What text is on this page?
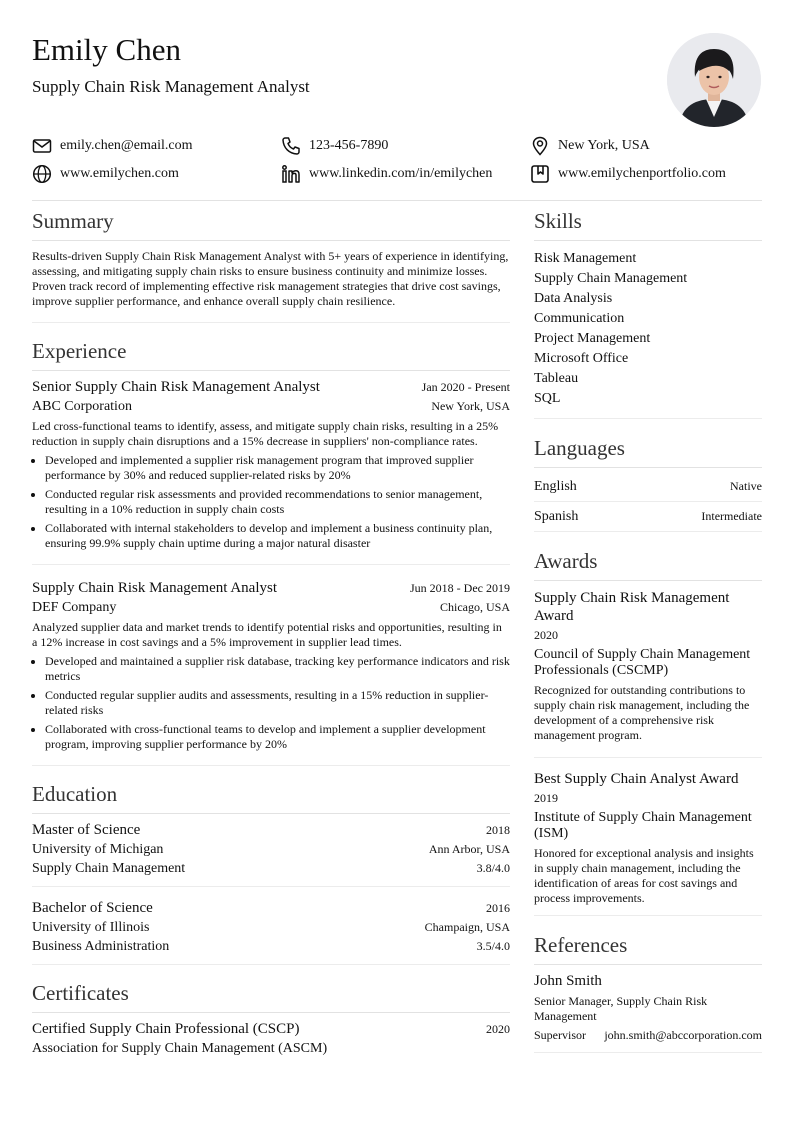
Emily Chen
Supply Chain Risk Management Analyst
emily.chen@email.com	123-456-7890	New York, USA
www.emilychen.com	www.linkedin.com/in/emilychen	www.emilychenportfolio.com
Summary
Results-driven Supply Chain Risk Management Analyst with 5+ years of experience in identifying, assessing, and mitigating supply chain risks to ensure business continuity and minimize losses. Proven track record of implementing effective risk management strategies that drive cost savings, improve supplier performance, and enhance overall supply chain resilience.
Experience
Senior Supply Chain Risk Management Analyst	Jan 2020 - Present
ABC Corporation	New York, USA
Led cross-functional teams to identify, assess, and mitigate supply chain risks, resulting in a 25% reduction in supply chain disruptions and a 15% decrease in suppliers' non-compliance rates.
• Developed and implemented a supplier risk management program that improved supplier performance by 30% and reduced supplier-related risks by 20%
• Conducted regular risk assessments and provided recommendations to senior management, resulting in a 10% reduction in supply chain costs
• Collaborated with internal stakeholders to develop and implement a business continuity plan, ensuring 99.9% supply chain uptime during a major natural disaster
Supply Chain Risk Management Analyst	Jun 2018 - Dec 2019
DEF Company	Chicago, USA
Analyzed supplier data and market trends to identify potential risks and opportunities, resulting in a 12% increase in cost savings and a 5% improvement in supplier lead times.
• Developed and maintained a supplier risk database, tracking key performance indicators and risk metrics
• Conducted regular supplier audits and assessments, resulting in a 15% reduction in supplier-related risks
• Collaborated with cross-functional teams to develop and implement a supplier development program, improving supplier performance by 20%
Education
Master of Science	2018
University of Michigan	Ann Arbor, USA
Supply Chain Management	3.8/4.0
Bachelor of Science	2016
University of Illinois	Champaign, USA
Business Administration	3.5/4.0
Certificates
Certified Supply Chain Professional (CSCP)	2020
Association for Supply Chain Management (ASCM)
Skills
Risk Management
Supply Chain Management
Data Analysis
Communication
Project Management
Microsoft Office
Tableau
SQL
Languages
English	Native
Spanish	Intermediate
Awards
Supply Chain Risk Management Award
2020
Council of Supply Chain Management Professionals (CSCMP)
Recognized for outstanding contributions to supply chain risk management, including the development of a comprehensive risk management program.
Best Supply Chain Analyst Award
2019
Institute of Supply Chain Management (ISM)
Honored for exceptional analysis and insights in supply chain management, including the identification of areas for cost savings and process improvements.
References
John Smith
Senior Manager, Supply Chain Risk Management
Supervisor john.smith@abccorporation.com
